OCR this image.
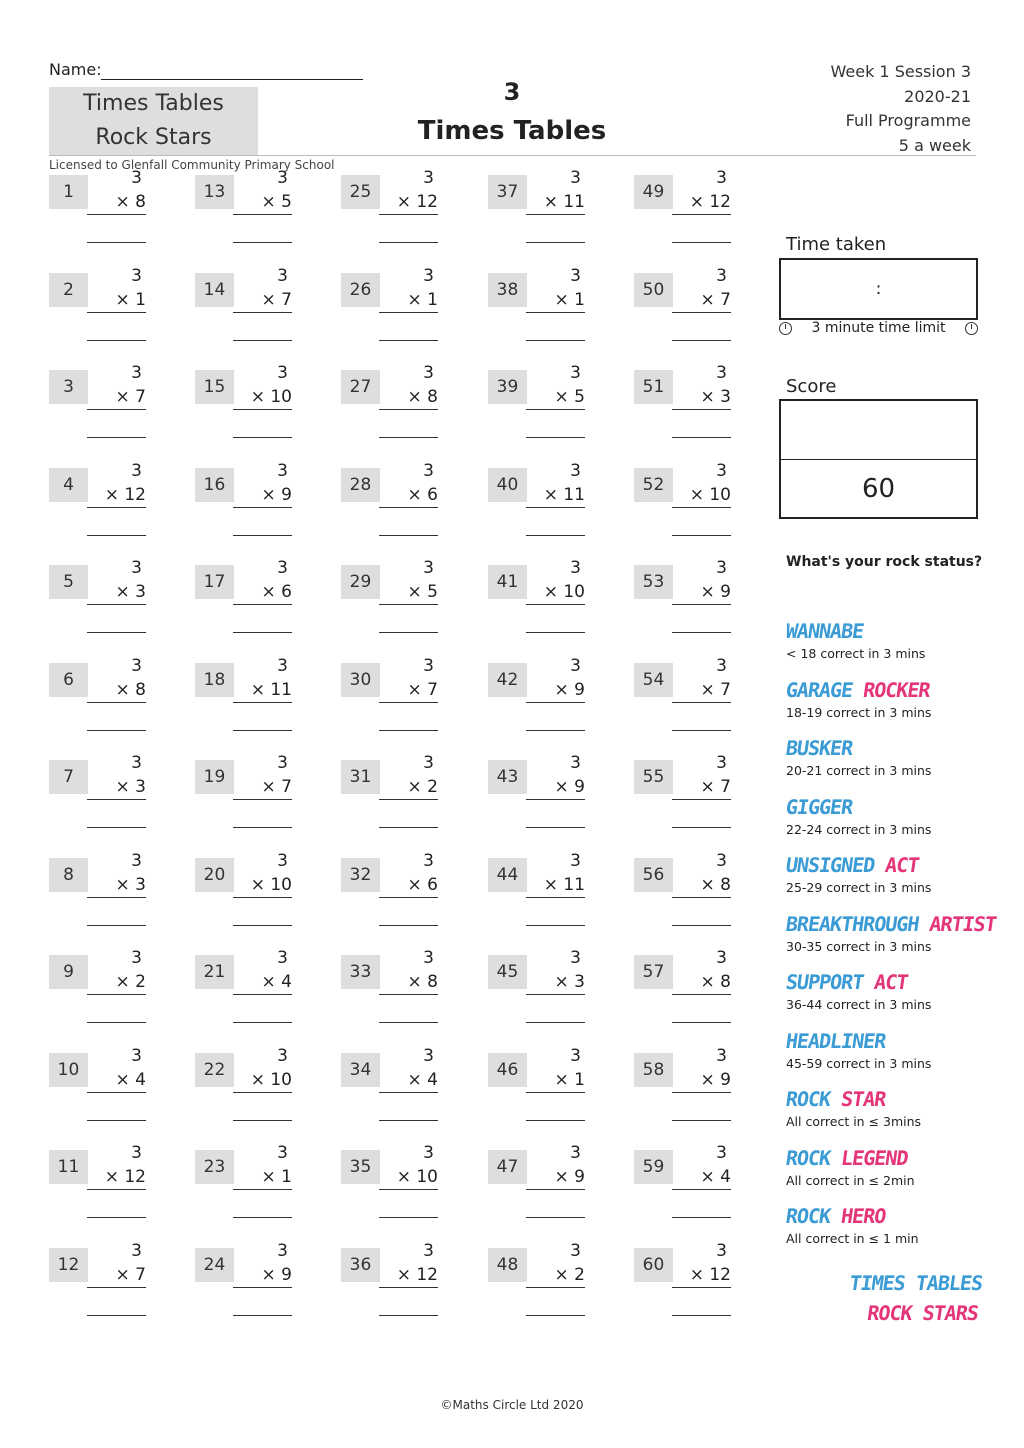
Name:
Times Tables
Rock Stars
3
Times Tables
Week 1 Session 3
2020-21
Full Programme
5 a week
Licensed to Glenfall Community Primary School
1
3
× 8
2
3
× 1
3
3
× 7
4
3
× 12
5
3
× 3
6
3
× 8
7
3
× 3
8
3
× 3
9
3
× 2
10
3
× 4
11
3
× 12
12
3
× 7
13
3
× 5
14
3
× 7
15
3
× 10
16
3
× 9
17
3
× 6
18
3
× 11
19
3
× 7
20
3
× 10
21
3
× 4
22
3
× 10
23
3
× 1
24
3
× 9
25
3
× 12
26
3
× 1
27
3
× 8
28
3
× 6
29
3
× 5
30
3
× 7
31
3
× 2
32
3
× 6
33
3
× 8
34
3
× 4
35
3
× 10
36
3
× 12
37
3
× 11
38
3
× 1
39
3
× 5
40
3
× 11
41
3
× 10
42
3
× 9
43
3
× 9
44
3
× 11
45
3
× 3
46
3
× 1
47
3
× 9
48
3
× 2
49
3
× 12
50
3
× 7
51
3
× 3
52
3
× 10
53
3
× 9
54
3
× 7
55
3
× 7
56
3
× 8
57
3
× 8
58
3
× 9
59
3
× 4
60
3
× 12
Time taken
:
3 minute time limit
Score
60
What's your rock status?
WANNABE
< 18 correct in 3 mins
GARAGE ROCKER
18-19 correct in 3 mins
BUSKER
20-21 correct in 3 mins
GIGGER
22-24 correct in 3 mins
UNSIGNED ACT
25-29 correct in 3 mins
BREAKTHROUGH ARTIST
30-35 correct in 3 mins
SUPPORT ACT
36-44 correct in 3 mins
HEADLINER
45-59 correct in 3 mins
ROCK STAR
All correct in ≤ 3mins
ROCK LEGEND
All correct in ≤ 2min
ROCK HERO
All correct in ≤ 1 min
TIMES TABLES
ROCK STARS
©Maths Circle Ltd 2020
